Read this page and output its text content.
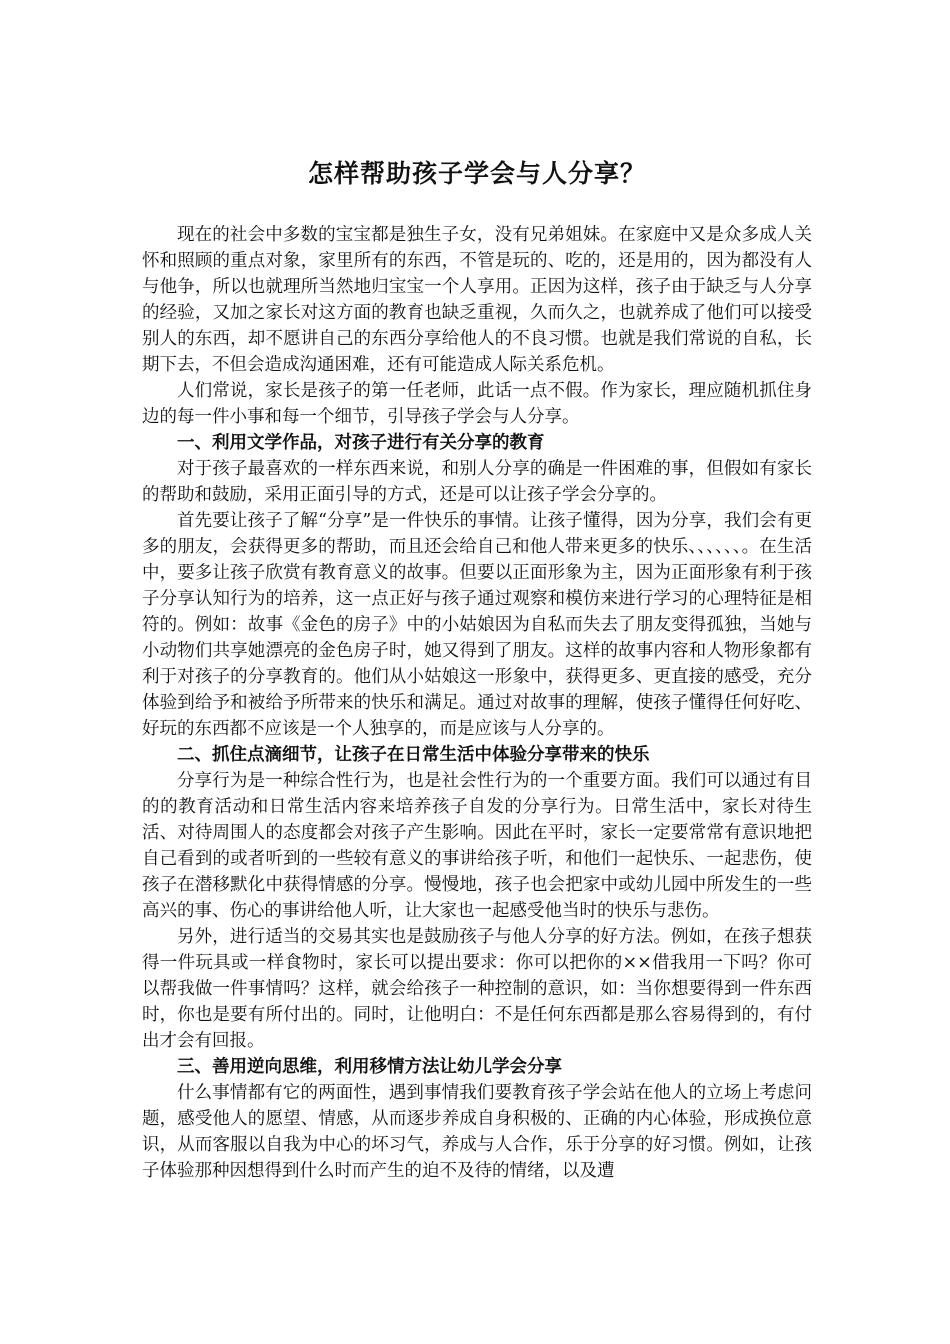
怎样帮助孩子学会与人分享？

现在的社会中多数的宝宝都是独生子女，没有兄弟姐妹。在家庭中又是众多成人关怀和照顾的重点对象，家里所有的东西，不管是玩的、吃的，还是用的，因为都没有人与他争，所以也就理所当然地归宝宝一个人享用。正因为这样，孩子由于缺乏与人分享的经验，又加之家长对这方面的教育也缺乏重视，久而久之，也就养成了他们可以接受别人的东西，却不愿讲自己的东西分享给他人的不良习惯。也就是我们常说的自私，长期下去，不但会造成沟通困难，还有可能造成人际关系危机。

人们常说，家长是孩子的第一任老师，此话一点不假。作为家长，理应随机抓住身边的每一件小事和每一个细节，引导孩子学会与人分享。

一、利用文学作品，对孩子进行有关分享的教育

对于孩子最喜欢的一样东西来说，和别人分享的确是一件困难的事，但假如有家长的帮助和鼓励，采用正面引导的方式，还是可以让孩子学会分享的。

首先要让孩子了解“分享”是一件快乐的事情。让孩子懂得，因为分享，我们会有更多的朋友，会获得更多的帮助，而且还会给自己和他人带来更多的快乐、、、、、、。在生活中，要多让孩子欣赏有教育意义的故事。但要以正面形象为主，因为正面形象有利于孩子分享认知行为的培养，这一点正好与孩子通过观察和模仿来进行学习的心理特征是相符的。例如：故事《金色的房子》中的小姑娘因为自私而失去了朋友变得孤独，当她与小动物们共享她漂亮的金色房子时，她又得到了朋友。这样的故事内容和人物形象都有利于对孩子的分享教育的。他们从小姑娘这一形象中，获得更多、更直接的感受，充分体验到给予和被给予所带来的快乐和满足。通过对故事的理解，使孩子懂得任何好吃、好玩的东西都不应该是一个人独享的，而是应该与人分享的。

二、抓住点滴细节，让孩子在日常生活中体验分享带来的快乐

分享行为是一种综合性行为，也是社会性行为的一个重要方面。我们可以通过有目的的教育活动和日常生活内容来培养孩子自发的分享行为。日常生活中，家长对待生活、对待周围人的态度都会对孩子产生影响。因此在平时，家长一定要常常有意识地把自己看到的或者听到的一些较有意义的事讲给孩子听，和他们一起快乐、一起悲伤，使孩子在潜移默化中获得情感的分享。慢慢地，孩子也会把家中或幼儿园中所发生的一些高兴的事、伤心的事讲给他人听，让大家也一起感受他当时的快乐与悲伤。

另外，进行适当的交易其实也是鼓励孩子与他人分享的好方法。例如，在孩子想获得一件玩具或一样食物时，家长可以提出要求：你可以把你的××借我用一下吗？你可以帮我做一件事情吗？这样，就会给孩子一种控制的意识，如：当你想要得到一件东西时，你也是要有所付出的。同时，让他明白：不是任何东西都是那么容易得到的，有付出才会有回报。

三、善用逆向思维，利用移情方法让幼儿学会分享

什么事情都有它的两面性，遇到事情我们要教育孩子学会站在他人的立场上考虑问题，感受他人的愿望、情感，从而逐步养成自身积极的、正确的内心体验，形成换位意识，从而客服以自我为中心的坏习气，养成与人合作，乐于分享的好习惯。例如，让孩子体验那种因想得到什么时而产生的迫不及待的情绪，以及遭
